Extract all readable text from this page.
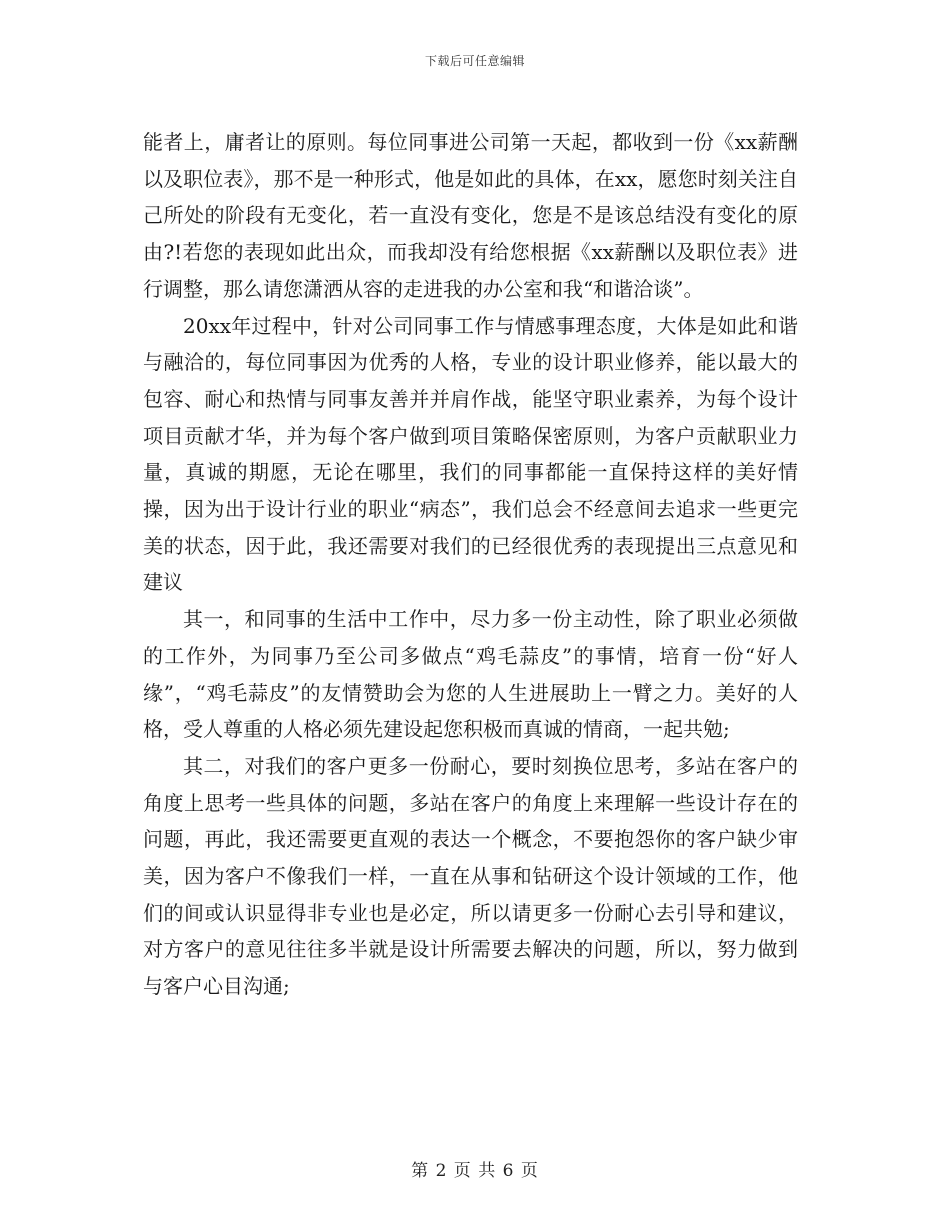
下载后可任意编辑

能者上，庸者让的原则。每位同事进公司第一天起，都收到一份《xx薪酬以及职位表》，那不是一种形式，他是如此的具体，在xx，愿您时刻关注自己所处的阶段有无变化，若一直没有变化，您是不是该总结没有变化的原由?!若您的表现如此出众，而我却没有给您根据《xx薪酬以及职位表》进行调整，那么请您潇洒从容的走进我的办公室和我“和谐洽谈”。

20xx年过程中，针对公司同事工作与情感事理态度，大体是如此和谐与融洽的，每位同事因为优秀的人格，专业的设计职业修养，能以最大的包容、耐心和热情与同事友善并并肩作战，能坚守职业素养，为每个设计项目贡献才华，并为每个客户做到项目策略保密原则，为客户贡献职业力量，真诚的期愿，无论在哪里，我们的同事都能一直保持这样的美好情操，因为出于设计行业的职业“病态”，我们总会不经意间去追求一些更完美的状态，因于此，我还需要对我们的已经很优秀的表现提出三点意见和建议

其一，和同事的生活中工作中，尽力多一份主动性，除了职业必须做的工作外，为同事乃至公司多做点“鸡毛蒜皮”的事情，培育一份“好人缘”，“鸡毛蒜皮”的友情赞助会为您的人生进展助上一臂之力。美好的人格，受人尊重的人格必须先建设起您积极而真诚的情商，一起共勉;

其二，对我们的客户更多一份耐心，要时刻换位思考，多站在客户的角度上思考一些具体的问题，多站在客户的角度上来理解一些设计存在的问题，再此，我还需要更直观的表达一个概念，不要抱怨你的客户缺少审美，因为客户不像我们一样，一直在从事和钻研这个设计领域的工作，他们的间或认识显得非专业也是必定，所以请更多一份耐心去引导和建议，对方客户的意见往往多半就是设计所需要去解决的问题，所以，努力做到与客户心目沟通;

第 2 页 共 6 页
